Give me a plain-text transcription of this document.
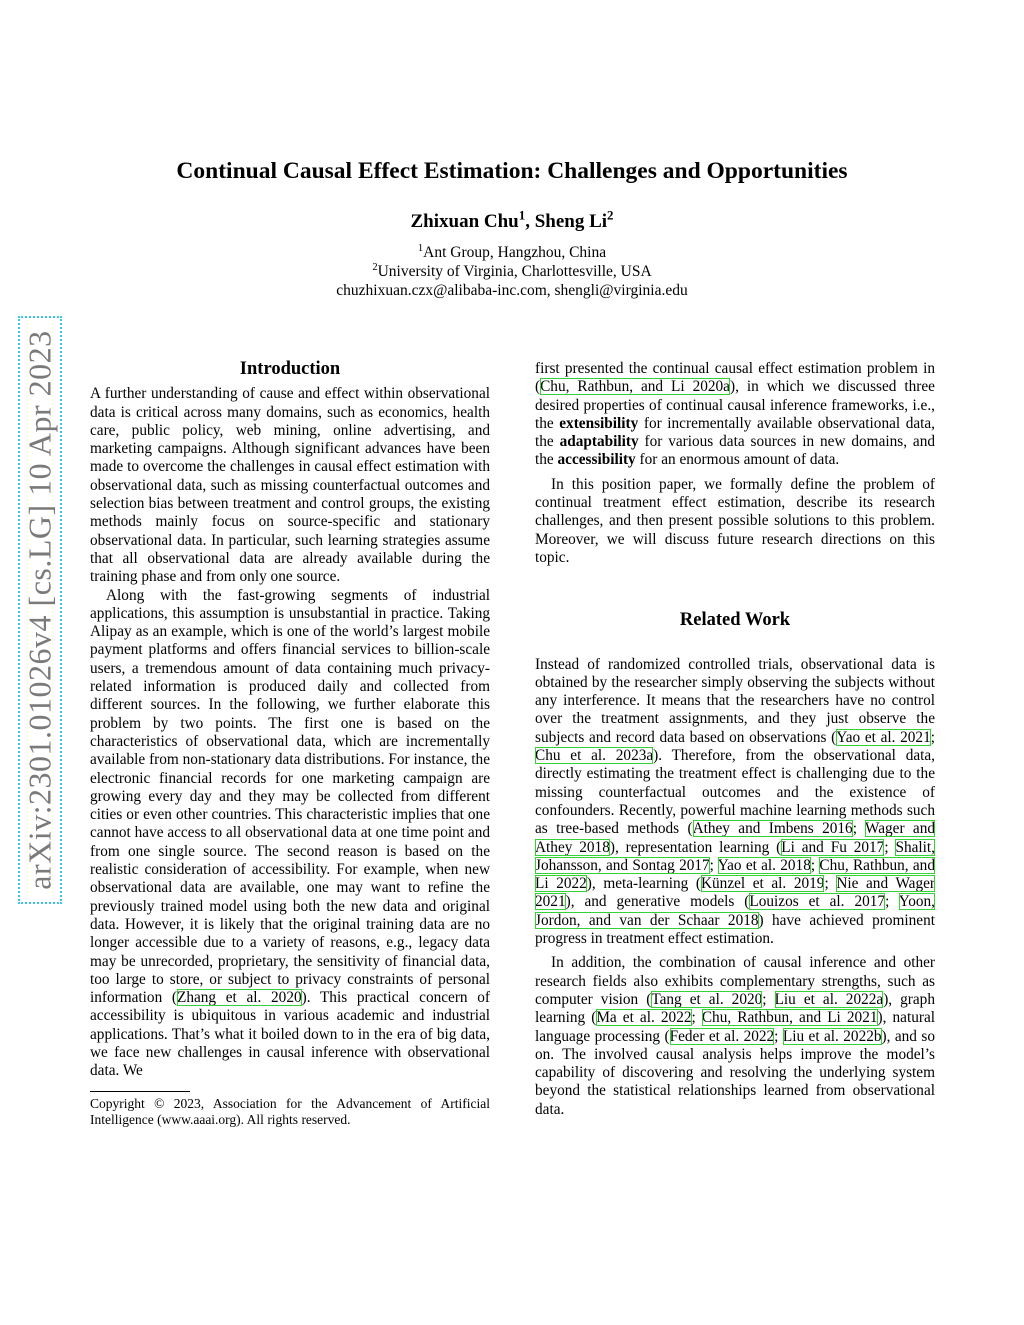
arXiv:2301.01026v4 [cs.LG] 10 Apr 2023
Continual Causal Effect Estimation: Challenges and Opportunities
Zhixuan Chu$^1$, Sheng Li$^2$
$^1$Ant Group, Hangzhou, China
$^2$University of Virginia, Charlottesville, USA
chuzhixuan.czx@alibaba-inc.com, shengli@virginia.edu
Introduction

A further understanding of cause and effect within observational data is critical across many domains, such as economics, health care, public policy, web mining, online advertising, and marketing campaigns. Although significant advances have been made to overcome the challenges in causal effect estimation with observational data, such as missing counterfactual outcomes and selection bias between treatment and control groups, the existing methods mainly focus on source-specific and stationary observational data. In particular, such learning strategies assume that all observational data are already available during the training phase and from only one source.

Along with the fast-growing segments of industrial applications, this assumption is unsubstantial in practice. Taking Alipay as an example, which is one of the world’s largest mobile payment platforms and offers financial services to billion-scale users, a tremendous amount of data containing much privacy-related information is produced daily and collected from different sources. In the following, we further elaborate this problem by two points. The first one is based on the characteristics of observational data, which are incrementally available from non-stationary data distributions. For instance, the electronic financial records for one marketing campaign are growing every day and they may be collected from different cities or even other countries. This characteristic implies that one cannot have access to all observational data at one time point and from one single source. The second reason is based on the realistic consideration of accessibility. For example, when new observational data are available, one may want to refine the previously trained model using both the new data and original data. However, it is likely that the original training data are no longer accessible due to a variety of reasons, e.g., legacy data may be unrecorded, proprietary, the sensitivity of financial data, too large to store, or subject to privacy constraints of personal information (Zhang et al. 2020). This practical concern of accessibility is ubiquitous in various academic and industrial applications. That’s what it boiled down to in the era of big data, we face new challenges in causal inference with observational data. We

Copyright © 2023, Association for the Advancement of Artificial Intelligence (www.aaai.org). All rights reserved.

first presented the continual causal effect estimation problem in (Chu, Rathbun, and Li 2020a), in which we discussed three desired properties of continual causal inference frameworks, i.e., the extensibility for incrementally available observational data, the adaptability for various data sources in new domains, and the accessibility for an enormous amount of data.

In this position paper, we formally define the problem of continual treatment effect estimation, describe its research challenges, and then present possible solutions to this problem. Moreover, we will discuss future research directions on this topic.

Related Work

Instead of randomized controlled trials, observational data is obtained by the researcher simply observing the subjects without any interference. It means that the researchers have no control over the treatment assignments, and they just observe the subjects and record data based on observations (Yao et al. 2021; Chu et al. 2023a). Therefore, from the observational data, directly estimating the treatment effect is challenging due to the missing counterfactual outcomes and the existence of confounders. Recently, powerful machine learning methods such as tree-based methods (Athey and Imbens 2016; Wager and Athey 2018), representation learning (Li and Fu 2017; Shalit, Johansson, and Sontag 2017; Yao et al. 2018; Chu, Rathbun, and Li 2022), meta-learning (Künzel et al. 2019; Nie and Wager 2021), and generative models (Louizos et al. 2017; Yoon, Jordon, and van der Schaar 2018) have achieved prominent progress in treatment effect estimation.

In addition, the combination of causal inference and other research fields also exhibits complementary strengths, such as computer vision (Tang et al. 2020; Liu et al. 2022a), graph learning (Ma et al. 2022; Chu, Rathbun, and Li 2021), natural language processing (Feder et al. 2022; Liu et al. 2022b), and so on. The involved causal analysis helps improve the model’s capability of discovering and resolving the underlying system beyond the statistical relationships learned from observational data.
